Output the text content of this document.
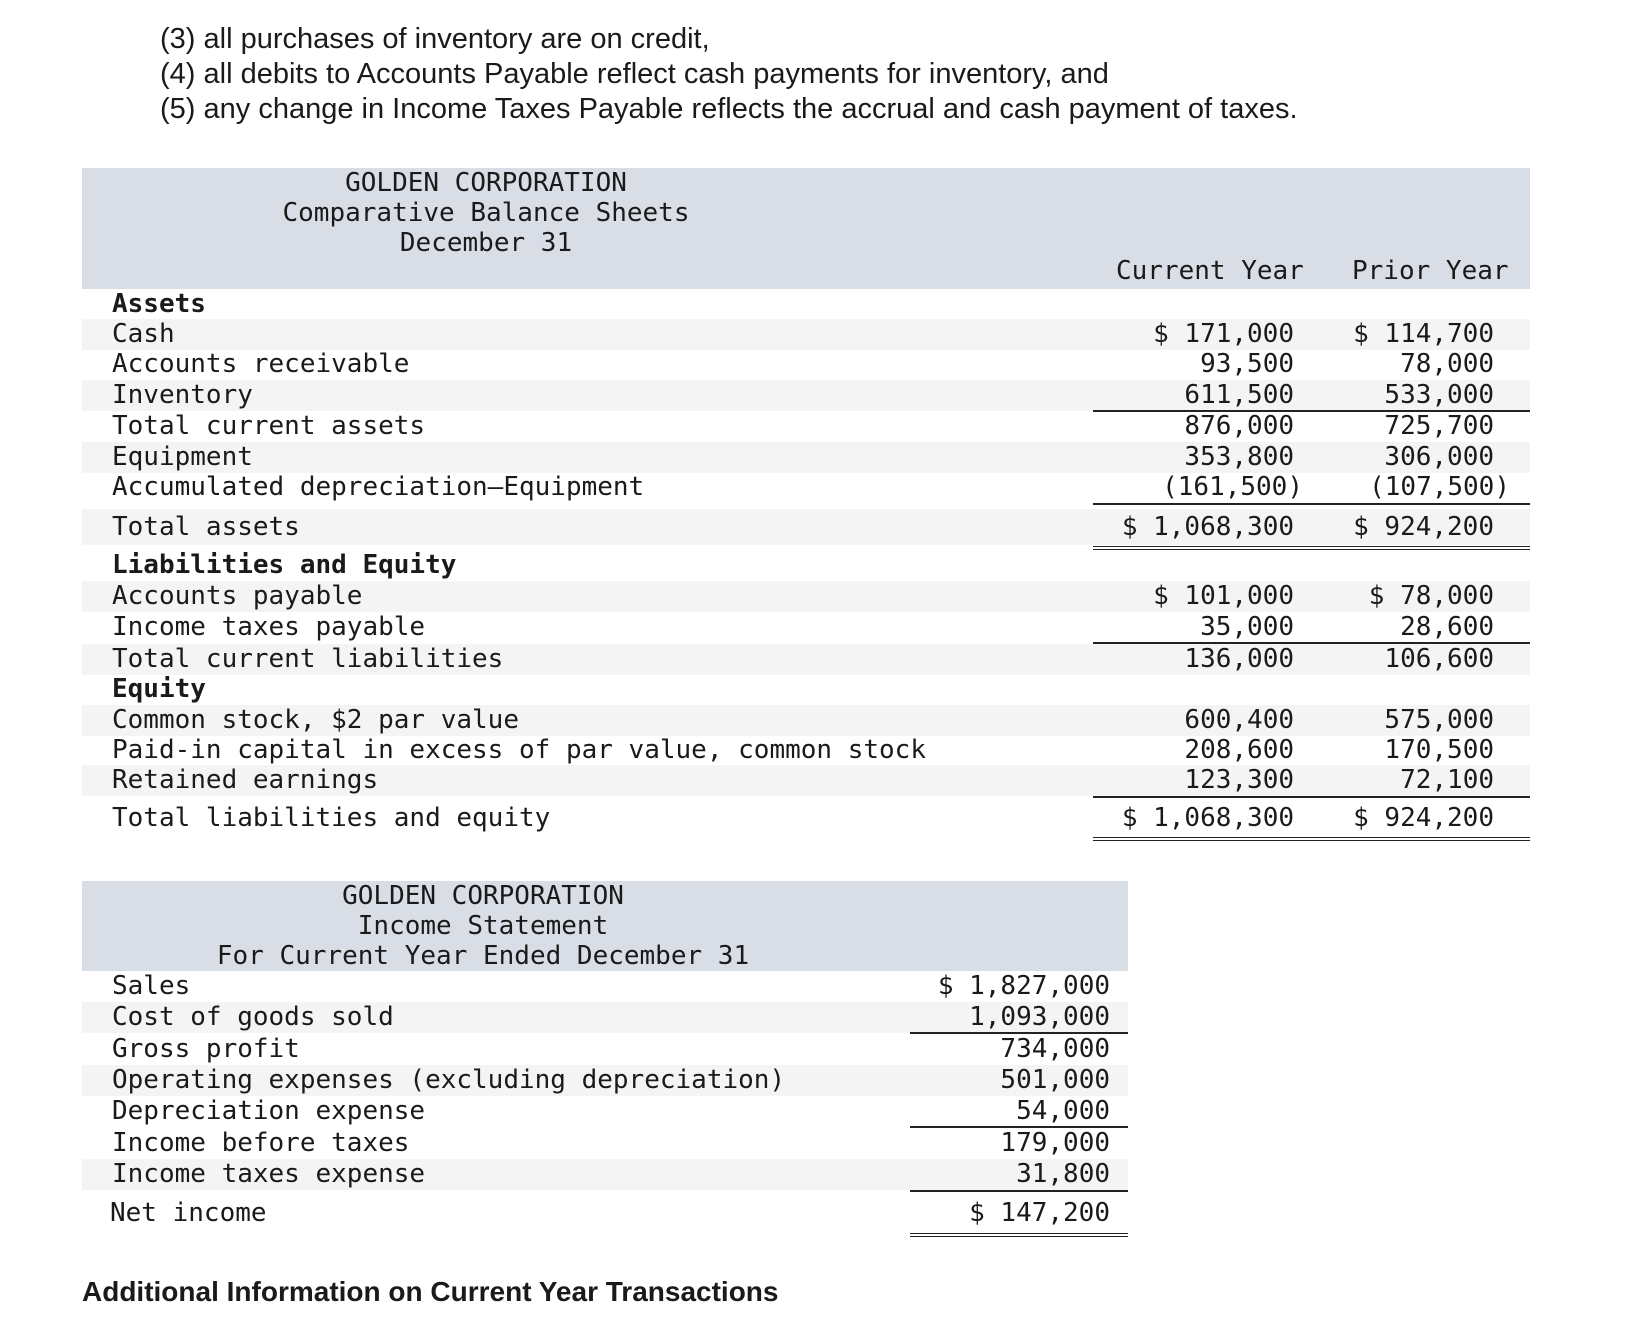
(3) all purchases of inventory are on credit,
(4) all debits to Accounts Payable reflect cash payments for inventory, and
(5) any change in Income Taxes Payable reflects the accrual and cash payment of taxes.
GOLDEN CORPORATION
Comparative Balance Sheets
December 31
Current Year Prior Year
Assets
Cash	$ 171,000 $ 114,700
Accounts receivable	93,500	78,000
Inventory	611,500	533,000
Total current assets	876,000	725,700
Equipment	353,800	306,000
Accumulated depreciation—Equipment	(161,500)	(107,500)
Total assets	$ 1,068,300 $ 924,200
Liabilities and Equity
Accounts payable	$ 101,000	$ 78,000
Income taxes payable	35,000	28,600
Total current liabilities	136,000	106,600
Equity
Common stock, $2 par value	600,400	575,000
Paid-in capital in excess of par value, common stock	208,600	170,500
Retained earnings	123,300	72,100
Total liabilities and equity	$ 1,068,300 $ 924,200
GOLDEN CORPORATION
Income Statement
For Current Year Ended December 31
Sales	$ 1,827,000
Cost of goods sold	1,093,000
Gross profit	734,000
Operating expenses (excluding depreciation)	501,000
Depreciation expense	54,000
Income before taxes	179,000
Income taxes expense	31,800
Net income	$ 147,200
Additional Information on Current Year Transactions
